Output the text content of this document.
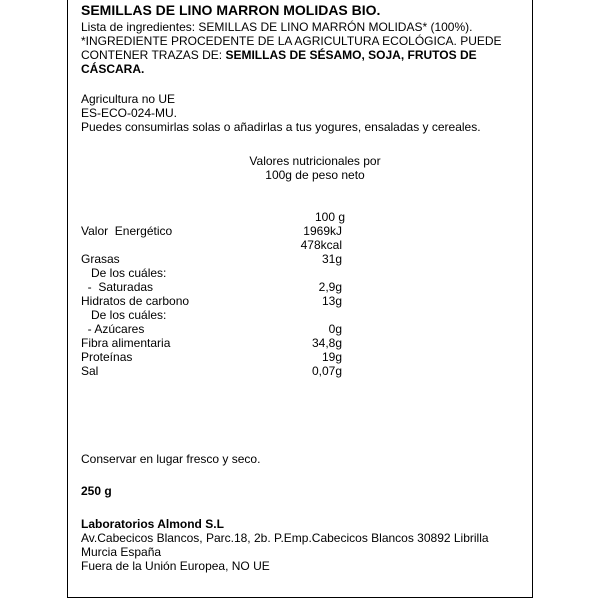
SEMILLAS DE LINO MARRON MOLIDAS BIO.
Lista de ingredientes: SEMILLAS DE LINO MARRÓN MOLIDAS* (100%).
*INGREDIENTE PROCEDENTE DE LA AGRICULTURA ECOLÓGICA. PUEDE
CONTENER TRAZAS DE: SEMILLAS DE SÉSAMO, SOJA, FRUTOS DE
CÁSCARA.
Agricultura no UE
ES-ECO-024-MU.
Puedes consumirlas solas o añadirlas a tus yogures, ensaladas y cereales.
Valores nutricionales por
100g de peso neto
100 g
Valor  Energético	1969kJ
478kcal
Grasas	31g
De los cuáles:
-  Saturadas	2,9g
Hidratos de carbono	13g
De los cuáles:
- Azúcares	0g
Fibra alimentaria	34,8g
Proteínas	19g
Sal	0,07g
Conservar en lugar fresco y seco.
250 g
Laboratorios Almond S.L
Av.Cabecicos Blancos, Parc.18, 2b. P.Emp.Cabecicos Blancos 30892 Librilla
Murcia España
Fuera de la Unión Europea, NO UE
